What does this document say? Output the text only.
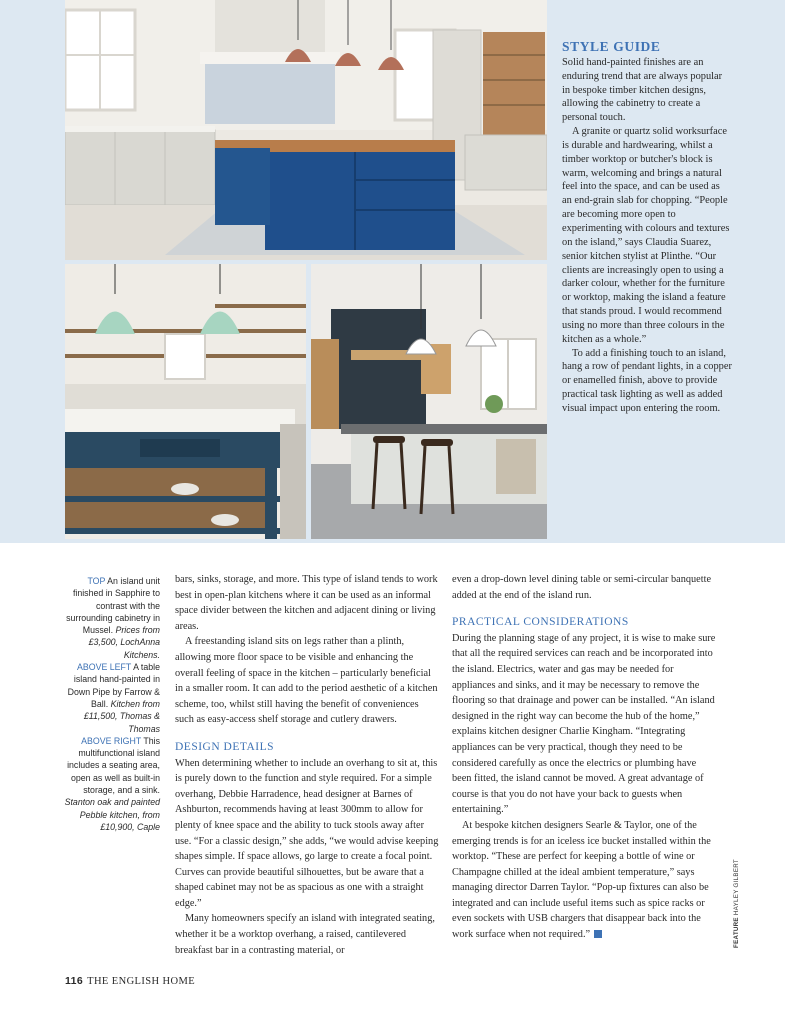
STYLE GUIDE

Solid hand-painted finishes are an enduring trend that are always popular in bespoke timber kitchen designs, allowing the cabinetry to create a personal touch.

A granite or quartz solid worksurface is durable and hardwearing, whilst a timber worktop or butcher's block is warm, welcoming and brings a natural feel into the space, and can be used as an end-grain slab for chopping. “People are becoming more open to experimenting with colours and textures on the island,” says Claudia Suarez, senior kitchen stylist at Plinthe. “Our clients are increasingly open to using a darker colour, whether for the furniture or worktop, making the island a feature that stands proud. I would recommend using no more than three colours in the kitchen as a whole.”

To add a finishing touch to an island, hang a row of pendant lights, in a copper or enamelled finish, above to provide practical task lighting as well as added visual impact upon entering the room.

TOP An island unit finished in Sapphire to contrast with the surrounding cabinetry in Mussel. Prices from £3,500, LochAnna Kitchens.

ABOVE LEFT A table island hand-painted in Down Pipe by Farrow & Ball. Kitchen from £11,500, Thomas & Thomas

ABOVE RIGHT This multifunctional island includes a seating area, open as well as built-in storage, and a sink. Stanton oak and painted Pebble kitchen, from £10,900, Caple

bars, sinks, storage, and more. This type of island tends to work best in open-plan kitchens where it can be used as an informal space divider between the kitchen and adjacent dining or living areas.

A freestanding island sits on legs rather than a plinth, allowing more floor space to be visible and enhancing the overall feeling of space in the kitchen – particularly beneficial in a smaller room. It can add to the period aesthetic of a kitchen scheme, too, whilst still having the benefit of conveniences such as easy-access shelf storage and cutlery drawers.

DESIGN DETAILS

When determining whether to include an overhang to sit at, this is purely down to the function and style required. For a simple overhang, Debbie Harradence, head designer at Barnes of Ashburton, recommends having at least 300mm to allow for plenty of knee space and the ability to tuck stools away after use. “For a classic design,” she adds, “we would advise keeping shapes simple. If space allows, go large to create a focal point. Curves can provide beautiful silhouettes, but be aware that a shaped cabinet may not be as spacious as one with a straight edge.”

Many homeowners specify an island with integrated seating, whether it be a worktop overhang, a raised, cantilevered breakfast bar in a contrasting material, or

even a drop-down level dining table or semi-circular banquette added at the end of the island run.

PRACTICAL CONSIDERATIONS

During the planning stage of any project, it is wise to make sure that all the required services can reach and be incorporated into the island. Electrics, water and gas may be needed for appliances and sinks, and it may be necessary to remove the flooring so that drainage and power can be installed. “An island designed in the right way can become the hub of the home,” explains kitchen designer Charlie Kingham. “Integrating appliances can be very practical, though they need to be considered carefully as once the electrics or plumbing have been fitted, the island cannot be moved. A great advantage of course is that you do not have your back to guests when entertaining.”

At bespoke kitchen designers Searle & Taylor, one of the emerging trends is for an iceless ice bucket installed within the worktop. “These are perfect for keeping a bottle of wine or Champagne chilled at the ideal ambient temperature,” says managing director Darren Taylor. “Pop-up fixtures can also be integrated and can include useful items such as spice racks or even sockets with USB chargers that disappear back into the work surface when not required.”	FEATURE HAYLEY GILBERT
116 THE ENGLISH HOME
